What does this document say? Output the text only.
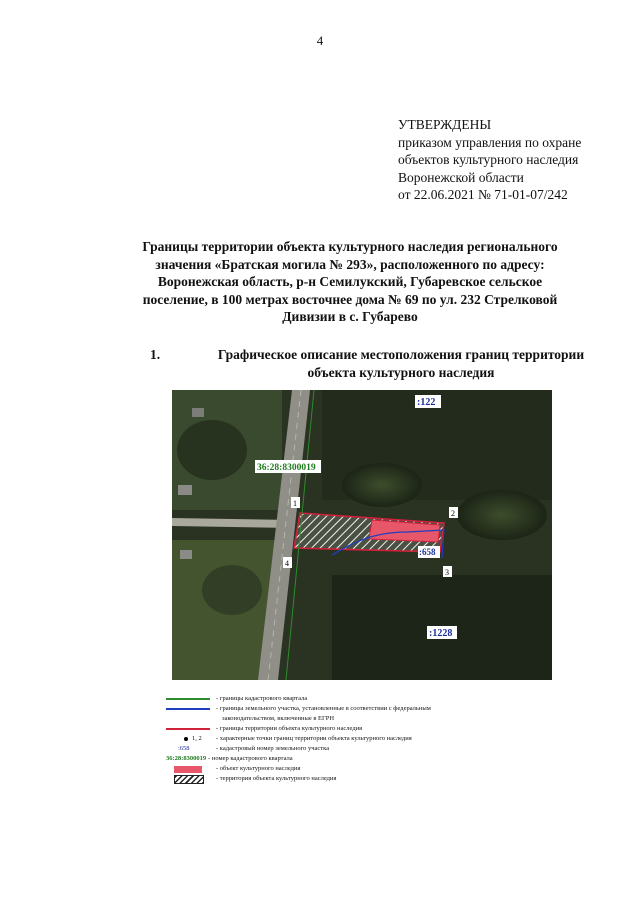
4
УТВЕРЖДЕНЫ
приказом управления по охране
объектов культурного наследия
Воронежской области
от 22.06.2021 № 71-01-07/242
Границы территории объекта культурного наследия регионального
значения «Братская могила № 293», расположенного по адресу:
Воронежская область, р-н Семилукский, Губаревское сельское
поселение, в 100 метрах восточнее дома № 69 по ул. 232 Стрелковой
Дивизии в с. Губарево
1.	Графическое описание местоположения границ территории
объекта культурного наследия
:122
36:28:8300019
:658
:1228
1
2
3
4
- границы кадастрового квартала
- границы земельного участка, установленные в соответствии с федеральным
законодательством, включенные в ЕГРН
- границы территории объекта культурного наследия
1, 2 - характерные точки границ территории объекта культурного наследия
:658	- кадастровый номер земельного участка
36:28:8300019 - номер кадастрового квартала
- объект культурного наследия
- территория объекта культурного наследия
